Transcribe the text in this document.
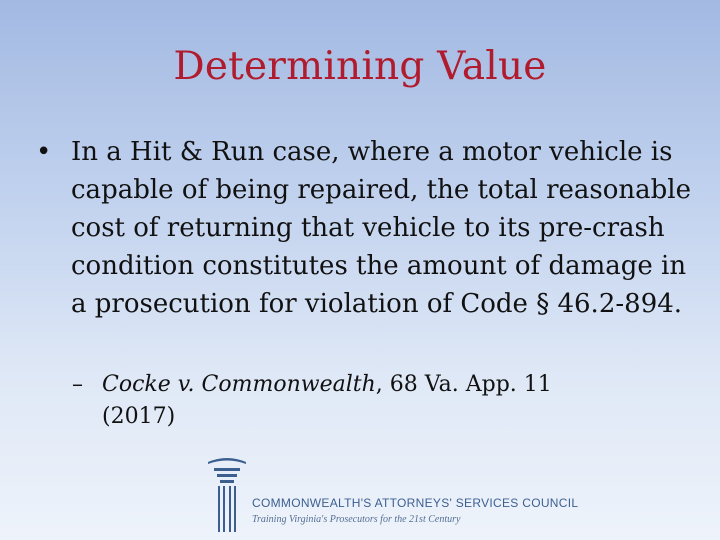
Determining Value
• In a Hit & Run case, where a motor vehicle is capable of being repaired, the total reasonable cost of returning that vehicle to its pre-crash condition constitutes the amount of damage in a prosecution for violation of Code § 46.2-894.
– Cocke v. Commonwealth, 68 Va. App. 11 (2017)
COMMONWEALTH'S ATTORNEYS' SERVICES COUNCIL
Training Virginia's Prosecutors for the 21st Century
